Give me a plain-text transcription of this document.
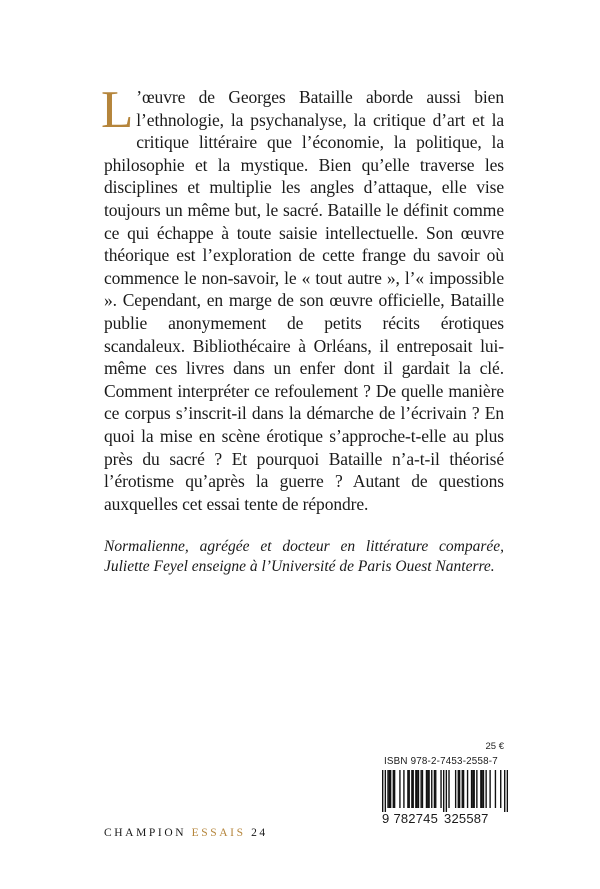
L ’œuvre de Georges Bataille aborde aussi bien l’ethnologie, la psychanalyse, la critique d’art et la critique littéraire que l’économie, la politique, la philosophie et la mystique. Bien qu’elle traverse les disciplines et multiplie les angles d’attaque, elle vise toujours un même but, le sacré. Bataille le définit comme ce qui échappe à toute saisie intellectuelle. Son œuvre théorique est l’exploration de cette frange du savoir où commence le non-savoir, le « tout autre », l’« impossible ». Cependant, en marge de son œuvre officielle, Bataille publie anonymement de petits récits érotiques scandaleux. Bibliothécaire à Orléans, il entreposait lui-même ces livres dans un enfer dont il gardait la clé. Comment interpréter ce refoulement ? De quelle manière ce corpus s’inscrit-il dans la démarche de l’écrivain ? En quoi la mise en scène érotique s’approche-t-elle au plus près du sacré ? Et pourquoi Bataille n’a-t-il théorisé l’érotisme qu’après la guerre ? Autant de questions auxquelles cet essai tente de répondre.

Normalienne, agrégée et docteur en littérature comparée, Juliette Feyel enseigne à l’Université de Paris Ouest Nanterre.

25 €
ISBN 978-2-7453-2558-7
9 782745 325587
CHAMPION ESSAIS 24
